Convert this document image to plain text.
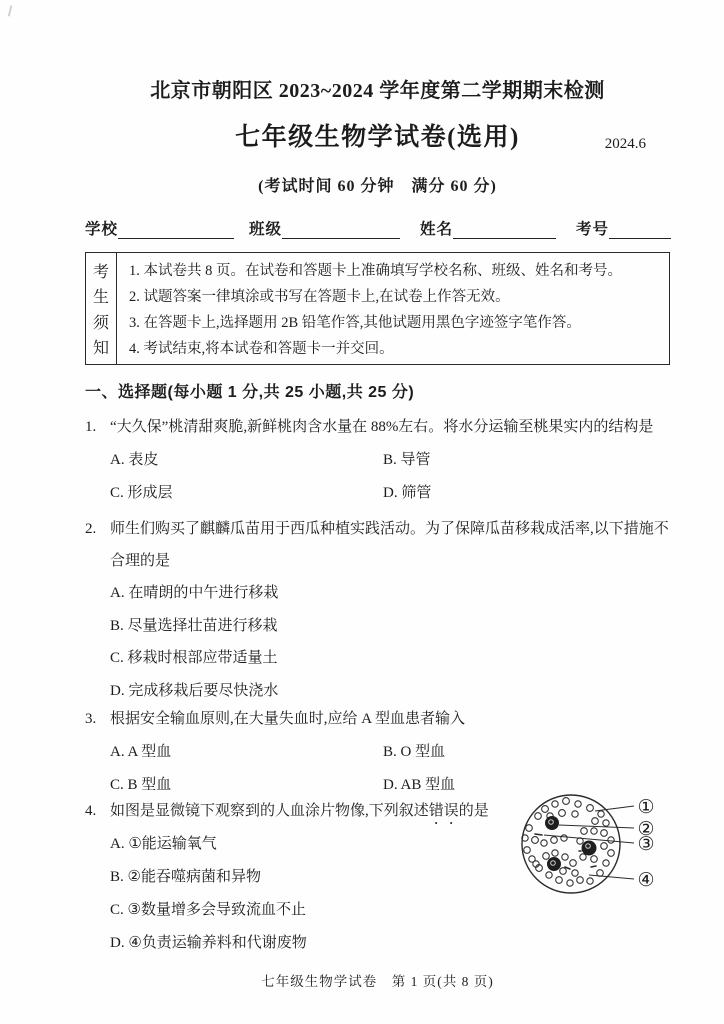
北京市朝阳区 2023~2024 学年度第二学期期末检测
七年级生物学试卷(选用)	2024.6
(考试时间 60 分钟　满分 60 分)
学校	班级	姓名	考号
考
生
须
知
1. 本试卷共 8 页。在试卷和答题卡上准确填写学校名称、班级、姓名和考号。
2. 试题答案一律填涂或书写在答题卡上,在试卷上作答无效。
3. 在答题卡上,选择题用 2B 铅笔作答,其他试题用黑色字迹签字笔作答。
4. 考试结束,将本试卷和答题卡一并交回。
一、选择题(每小题 1 分,共 25 小题,共 25 分)
1. “大久保”桃清甜爽脆,新鲜桃肉含水量在 88%左右。将水分运输至桃果实内的结构是
A. 表皮	B. 导管
C. 形成层	D. 筛管
2. 师生们购买了麒麟瓜苗用于西瓜种植实践活动。为了保障瓜苗移栽成活率,以下措施不
合理的是
A. 在晴朗的中午进行移栽
B. 尽量选择壮苗进行移栽
C. 移栽时根部应带适量土
D. 完成移栽后要尽快浇水
3. 根据安全输血原则,在大量失血时,应给 A 型血患者输入
A. A 型血	B. O 型血
C. B 型血	D. AB 型血
4. 如图是显微镜下观察到的人血涂片物像,下列叙述错误的是
A. ①能运输氧气
B. ②能吞噬病菌和异物
C. ③数量增多会导致流血不止
D. ④负责运输养料和代谢废物
①
②
③
④
七年级生物学试卷　第 1 页(共 8 页)
